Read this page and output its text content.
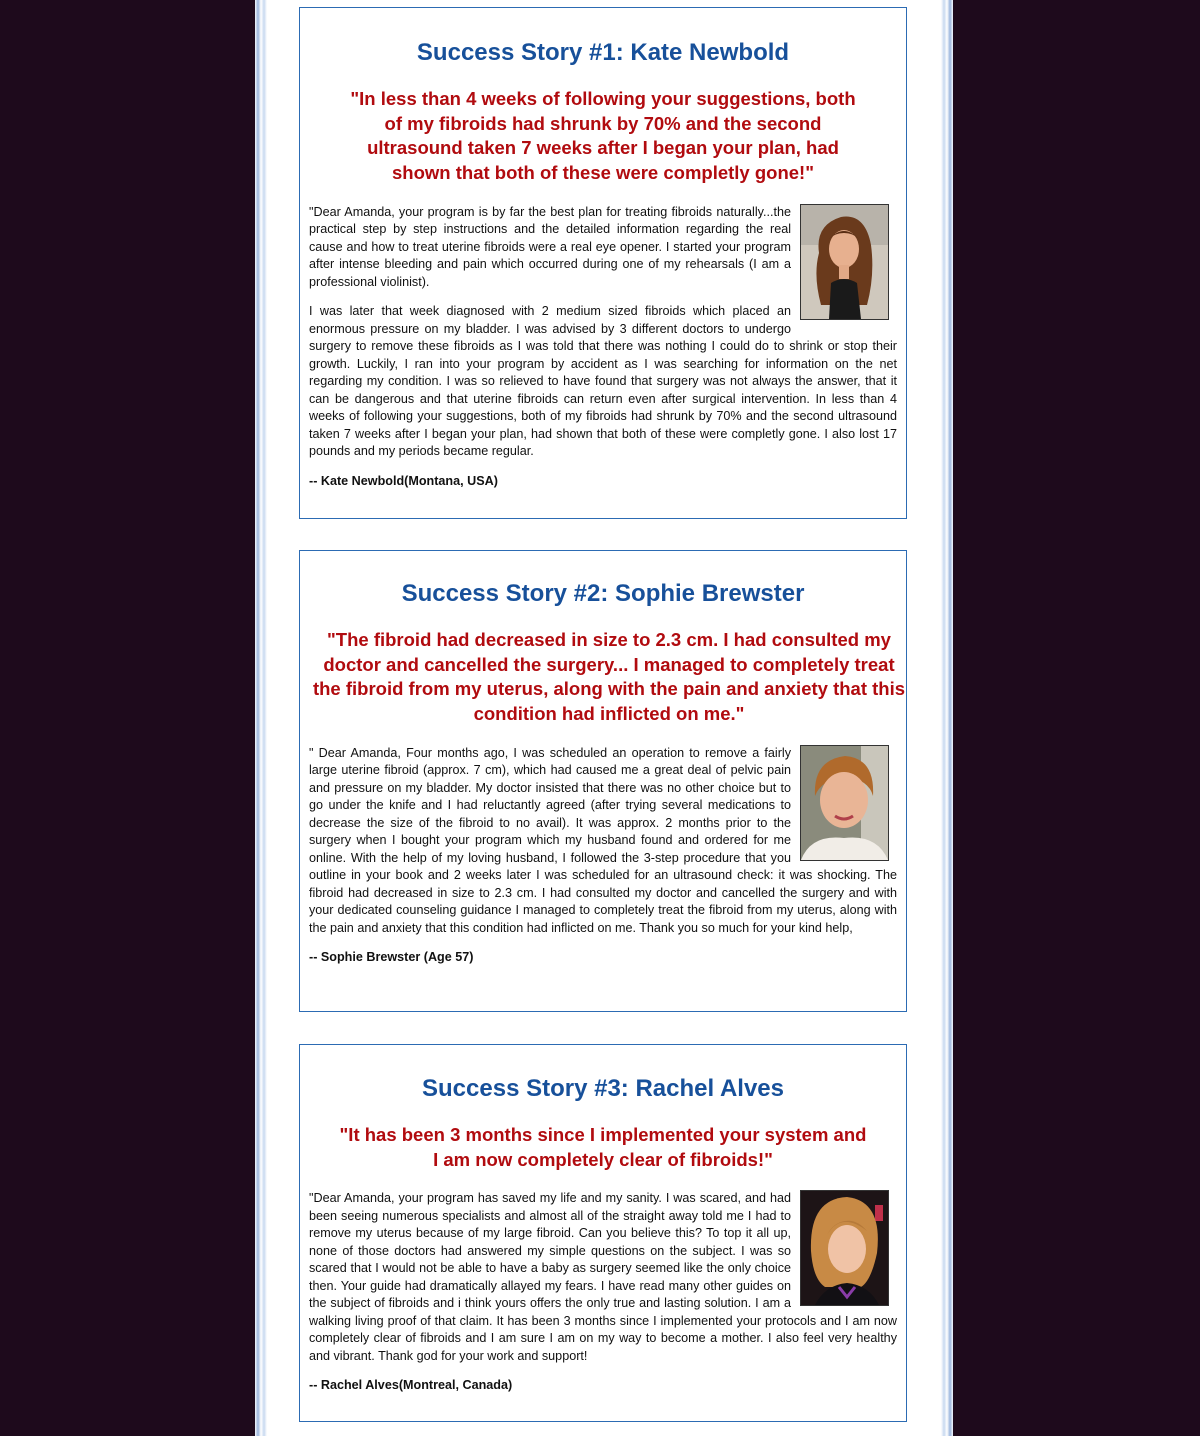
Success Story #1: Kate Newbold
"In less than 4 weeks of following your suggestions, both of my fibroids had shrunk by 70% and the second ultrasound taken 7 weeks after I began your plan, had shown that both of these were completly gone!"

"Dear Amanda, your program is by far the best plan for treating fibroids naturally...the practical step by step instructions and the detailed information regarding the real cause and how to treat uterine fibroids were a real eye opener. I started your program after intense bleeding and pain which occurred during one of my rehearsals (I am a professional violinist).

I was later that week diagnosed with 2 medium sized fibroids which placed an enormous pressure on my bladder. I was advised by 3 different doctors to undergo surgery to remove these fibroids as I was told that there was nothing I could do to shrink or stop their growth. Luckily, I ran into your program by accident as I was searching for information on the net regarding my condition. I was so relieved to have found that surgery was not always the answer, that it can be dangerous and that uterine fibroids can return even after surgical intervention. In less than 4 weeks of following your suggestions, both of my fibroids had shrunk by 70% and the second ultrasound taken 7 weeks after I began your plan, had shown that both of these were completly gone. I also lost 17 pounds and my periods became regular.

-- Kate Newbold(Montana, USA)
Success Story #2: Sophie Brewster
"The fibroid had decreased in size to 2.3 cm. I had consulted my doctor and cancelled the surgery... I managed to completely treat the fibroid from my uterus, along with the pain and anxiety that this condition had inflicted on me."

" Dear Amanda, Four months ago, I was scheduled an operation to remove a fairly large uterine fibroid (approx. 7 cm), which had caused me a great deal of pelvic pain and pressure on my bladder. My doctor insisted that there was no other choice but to go under the knife and I had reluctantly agreed (after trying several medications to decrease the size of the fibroid to no avail). It was approx. 2 months prior to the surgery when I bought your program which my husband found and ordered for me online. With the help of my loving husband, I followed the 3-step procedure that you outline in your book and 2 weeks later I was scheduled for an ultrasound check: it was shocking. The fibroid had decreased in size to 2.3 cm. I had consulted my doctor and cancelled the surgery and with your dedicated counseling guidance I managed to completely treat the fibroid from my uterus, along with the pain and anxiety that this condition had inflicted on me. Thank you so much for your kind help,

-- Sophie Brewster (Age 57)
Success Story #3: Rachel Alves
"It has been 3 months since I implemented your system and I am now completely clear of fibroids!"

"Dear Amanda, your program has saved my life and my sanity. I was scared, and had been seeing numerous specialists and almost all of the straight away told me I had to remove my uterus because of my large fibroid. Can you believe this? To top it all up, none of those doctors had answered my simple questions on the subject. I was so scared that I would not be able to have a baby as surgery seemed like the only choice then. Your guide had dramatically allayed my fears. I have read many other guides on the subject of fibroids and i think yours offers the only true and lasting solution. I am a walking living proof of that claim. It has been 3 months since I implemented your protocols and I am now completely clear of fibroids and I am sure I am on my way to become a mother. I also feel very healthy and vibrant. Thank god for your work and support!

-- Rachel Alves(Montreal, Canada)
